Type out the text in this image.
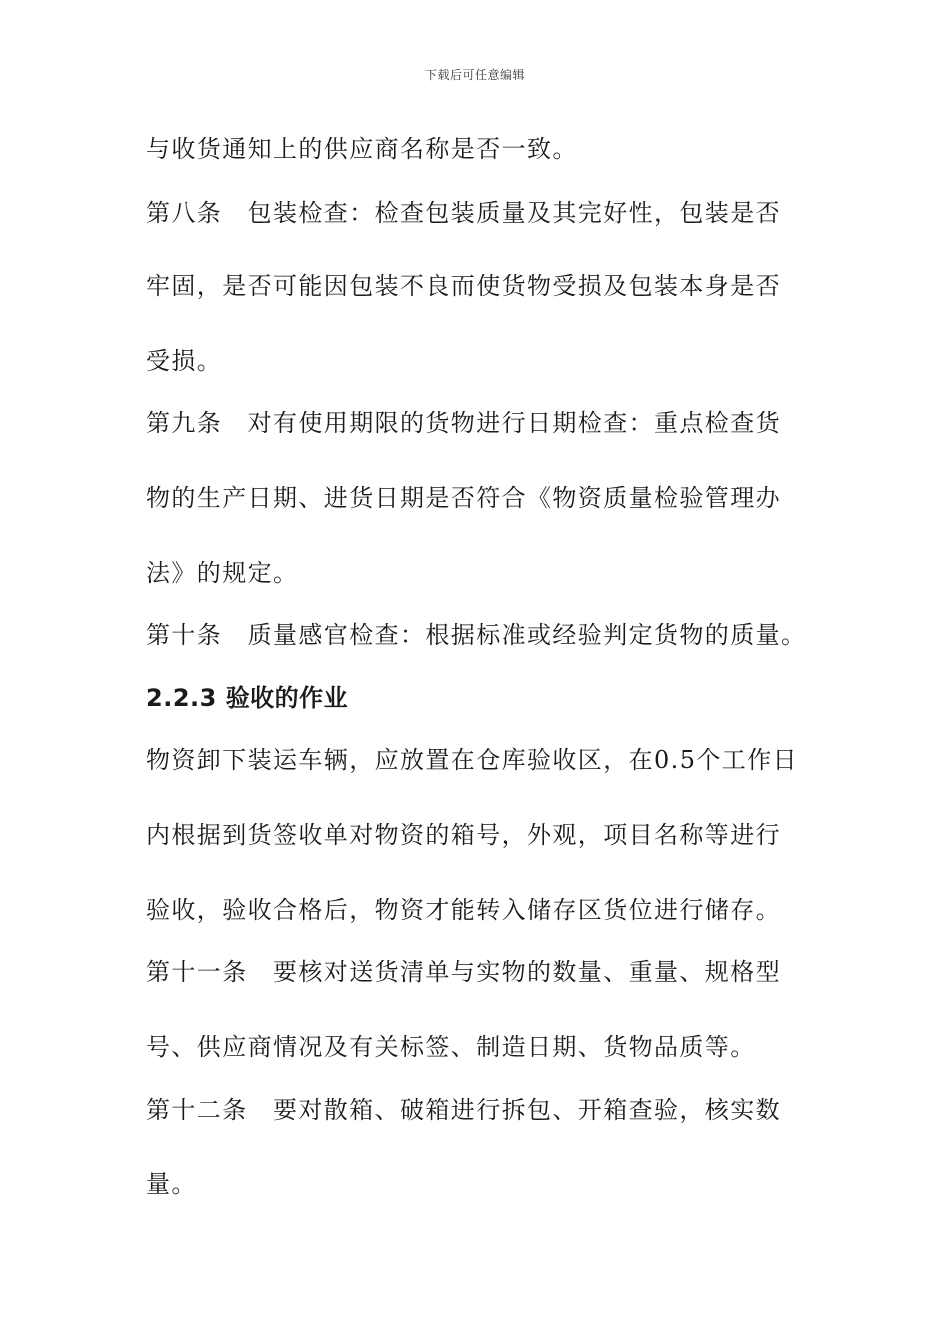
下载后可任意编辑
与收货通知上的供应商名称是否一致。
第八条　包装检查：检查包装质量及其完好性，包装是否
牢固，是否可能因包装不良而使货物受损及包装本身是否
受损。
第九条　对有使用期限的货物进行日期检查：重点检查货
物的生产日期、进货日期是否符合《物资质量检验管理办
法》的规定。
第十条　质量感官检查：根据标准或经验判定货物的质量。
2.2.3 验收的作业
物资卸下装运车辆，应放置在仓库验收区，在0.5个工作日
内根据到货签收单对物资的箱号，外观，项目名称等进行
验收，验收合格后，物资才能转入储存区货位进行储存。
第十一条　要核对送货清单与实物的数量、重量、规格型
号、供应商情况及有关标签、制造日期、货物品质等。
第十二条　要对散箱、破箱进行拆包、开箱查验，核实数
量。
